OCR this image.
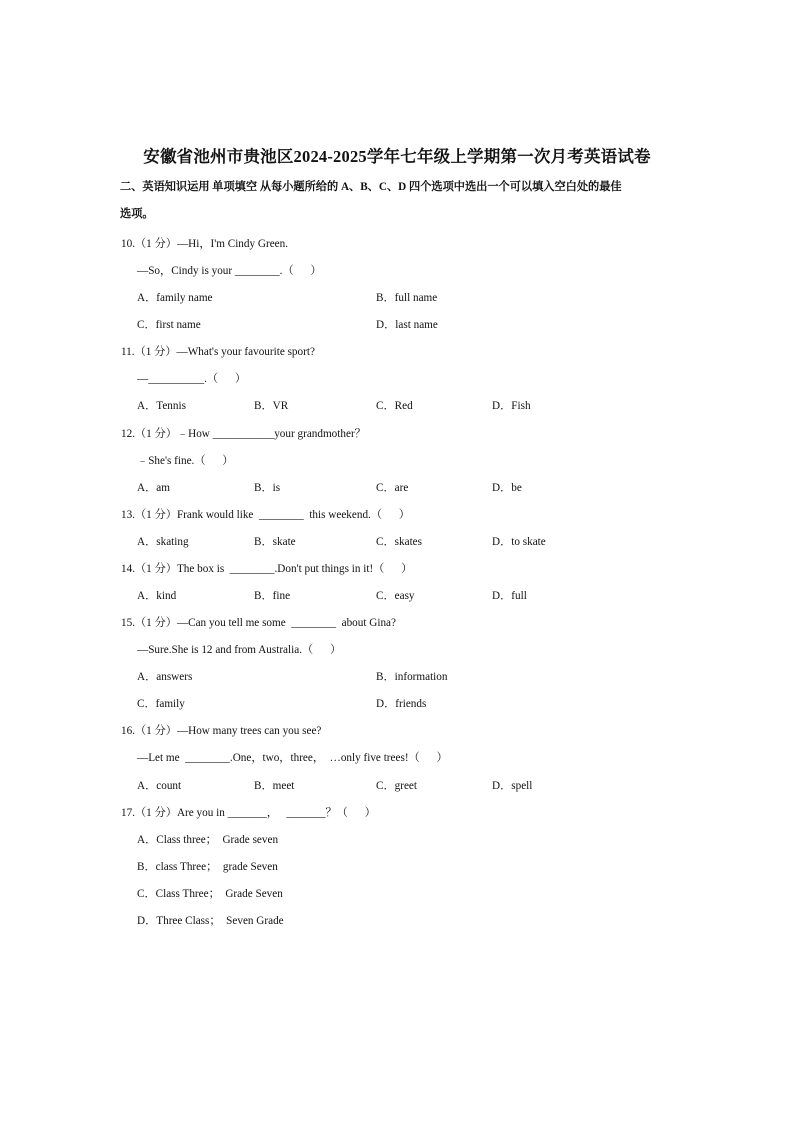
安徽省池州市贵池区2024-2025学年七年级上学期第一次月考英语试卷
二、英语知识运用 单项填空 从每小题所给的 A、B、C、D 四个选项中选出一个可以填入空白处的最佳
选项。
10.（1 分）—Hi，I'm Cindy Green.
—So，Cindy is your ________.（      ）
A．family name	B．full name
C．first name	D．last name
11.（1 分）—What's your favourite sport?
—__________.（      ）
A．Tennis	B．VR	C．Red	D．Fish
12.（1 分）﹣How ___________your grandmother？
﹣She's fine.（      ）
A．am	B．is	C．are	D．be
13.（1 分）Frank would like  ________  this weekend.（      ）
A．skating	B．skate	C．skates	D．to skate
14.（1 分）The box is  ________.Don't put things in it!（      ）
A．kind	B．fine	C．easy	D．full
15.（1 分）—Can you tell me some  ________  about Gina?
—Sure.She is 12 and from Australia.（      ）
A．answers	B．information
C．family	D．friends
16.（1 分）—How many trees can you see?
—Let me  ________.One，two，three，  …only five trees!（      ）
A．count	B．meet	C．greet	D．spell
17.（1 分）Are you in _______，   _______？（      ）
A．Class three；  Grade seven
B．class Three；  grade Seven
C．Class Three；  Grade Seven
D．Three Class；  Seven Grade
